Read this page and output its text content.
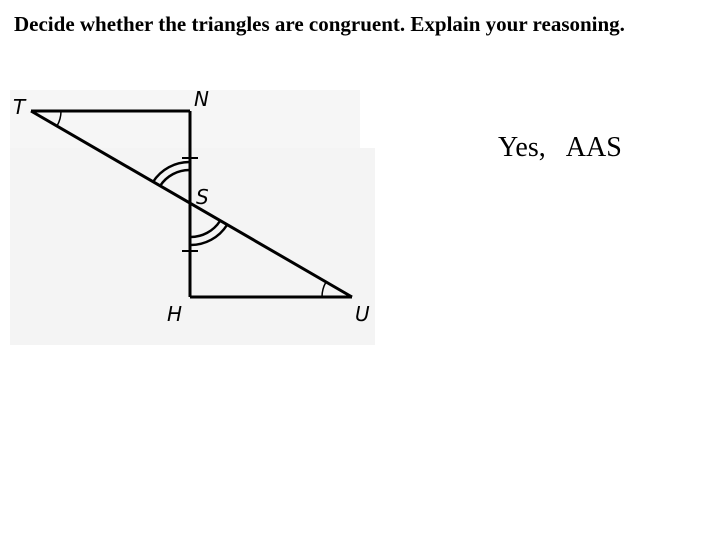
Decide whether the triangles are congruent. Explain your reasoning.
T	N
S
H	U
Yes, AAS
